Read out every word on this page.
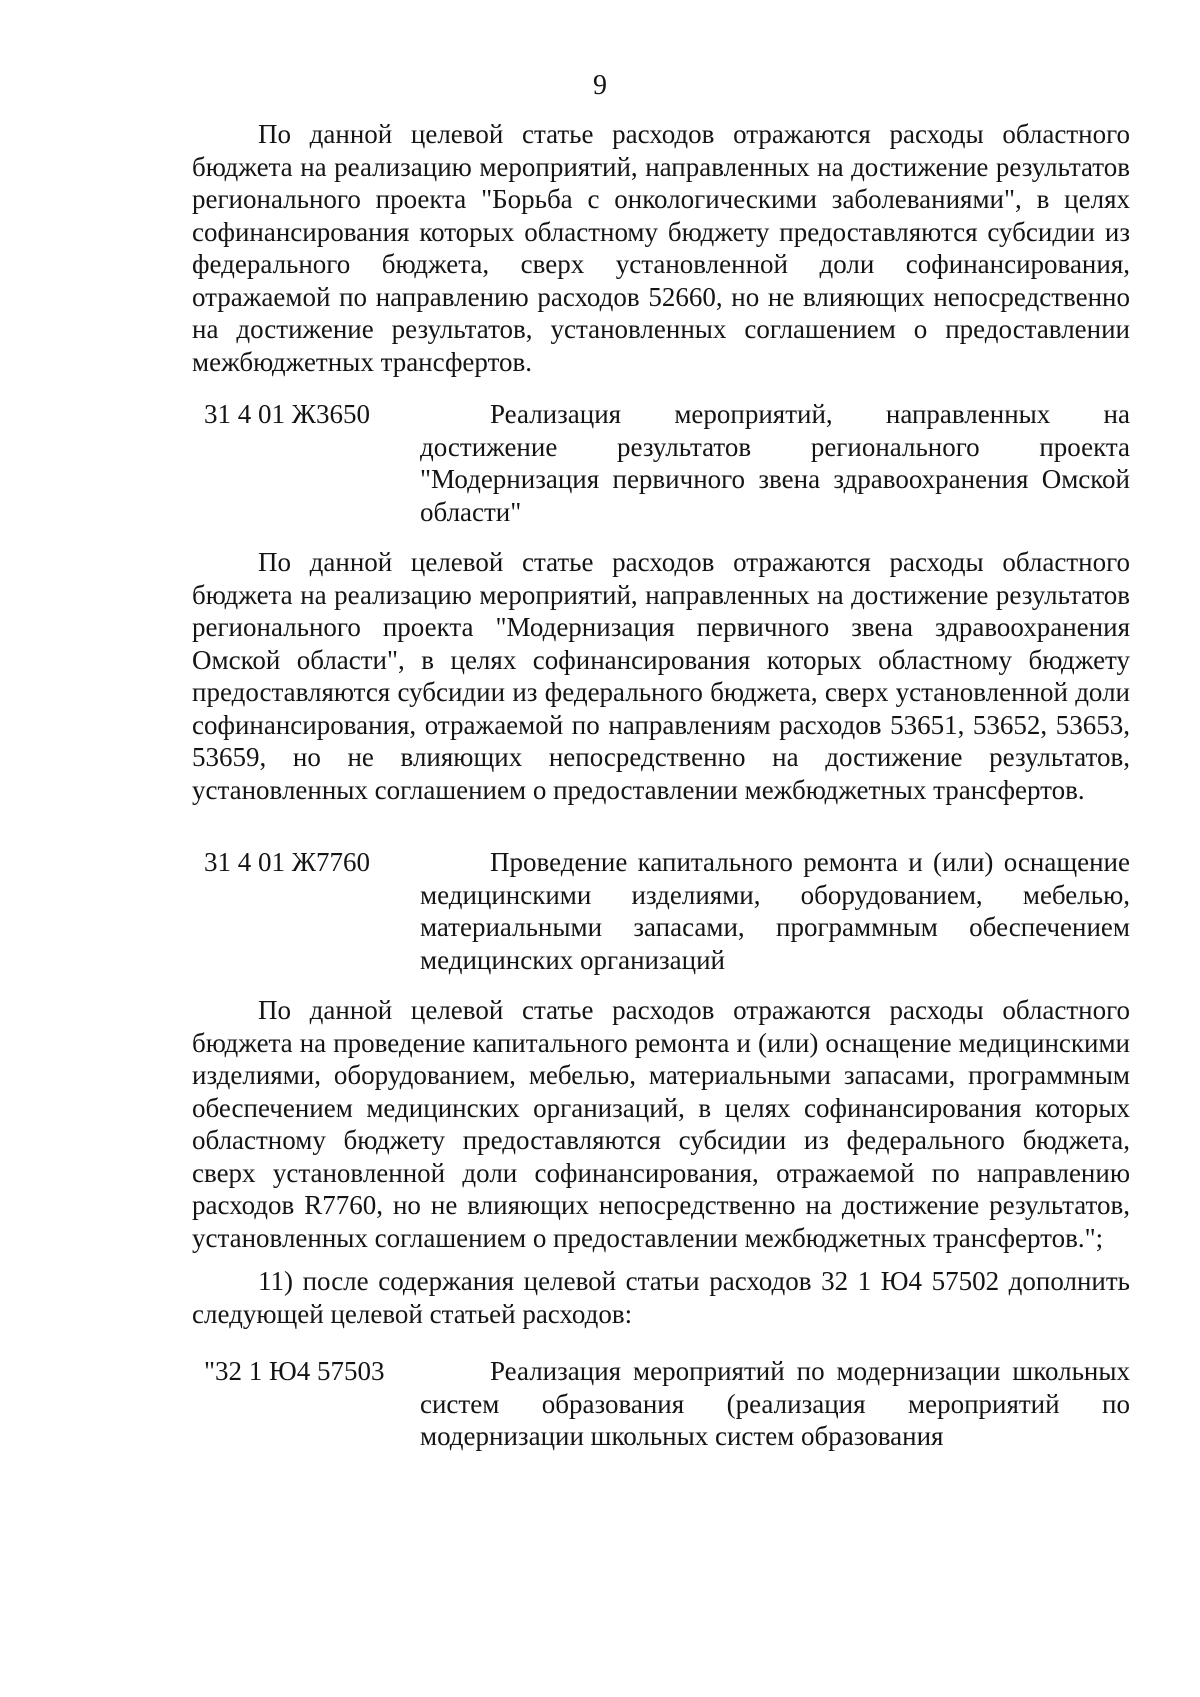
9

По данной целевой статье расходов отражаются расходы областного бюджета на реализацию мероприятий, направленных на достижение результатов регионального проекта "Борьба с онкологическими заболеваниями", в целях софинансирования которых областному бюджету предоставляются субсидии из федерального бюджета, сверх установленной доли софинансирования, отражаемой по направлению расходов 52660, но не влияющих непосредственно на достижение результатов, установленных соглашением о предоставлении межбюджетных трансфертов.

31 4 01 Ж3650	Реализация мероприятий, направленных на достижение результатов регионального проекта "Модернизация первичного звена здравоохранения Омской области"

По данной целевой статье расходов отражаются расходы областного бюджета на реализацию мероприятий, направленных на достижение результатов регионального проекта "Модернизация первичного звена здравоохранения Омской области", в целях софинансирования которых областному бюджету предоставляются субсидии из федерального бюджета, сверх установленной доли софинансирования, отражаемой по направлениям расходов 53651, 53652, 53653, 53659, но не влияющих непосредственно на достижение результатов, установленных соглашением о предоставлении межбюджетных трансфертов.

31 4 01 Ж7760	Проведение капитального ремонта и (или) оснащение медицинскими изделиями, оборудованием, мебелью, материальными запасами, программным обеспечением медицинских организаций

По данной целевой статье расходов отражаются расходы областного бюджета на проведение капитального ремонта и (или) оснащение медицинскими изделиями, оборудованием, мебелью, материальными запасами, программным обеспечением медицинских организаций, в целях софинансирования которых областному бюджету предоставляются субсидии из федерального бюджета, сверх установленной доли софинансирования, отражаемой по направлению расходов R7760, но не влияющих непосредственно на достижение результатов, установленных соглашением о предоставлении межбюджетных трансфертов.";

11) после содержания целевой статьи расходов 32 1 Ю4 57502 дополнить следующей целевой статьей расходов:

"32 1 Ю4 57503	Реализация мероприятий по модернизации школьных систем образования (реализация мероприятий по модернизации школьных систем образования
